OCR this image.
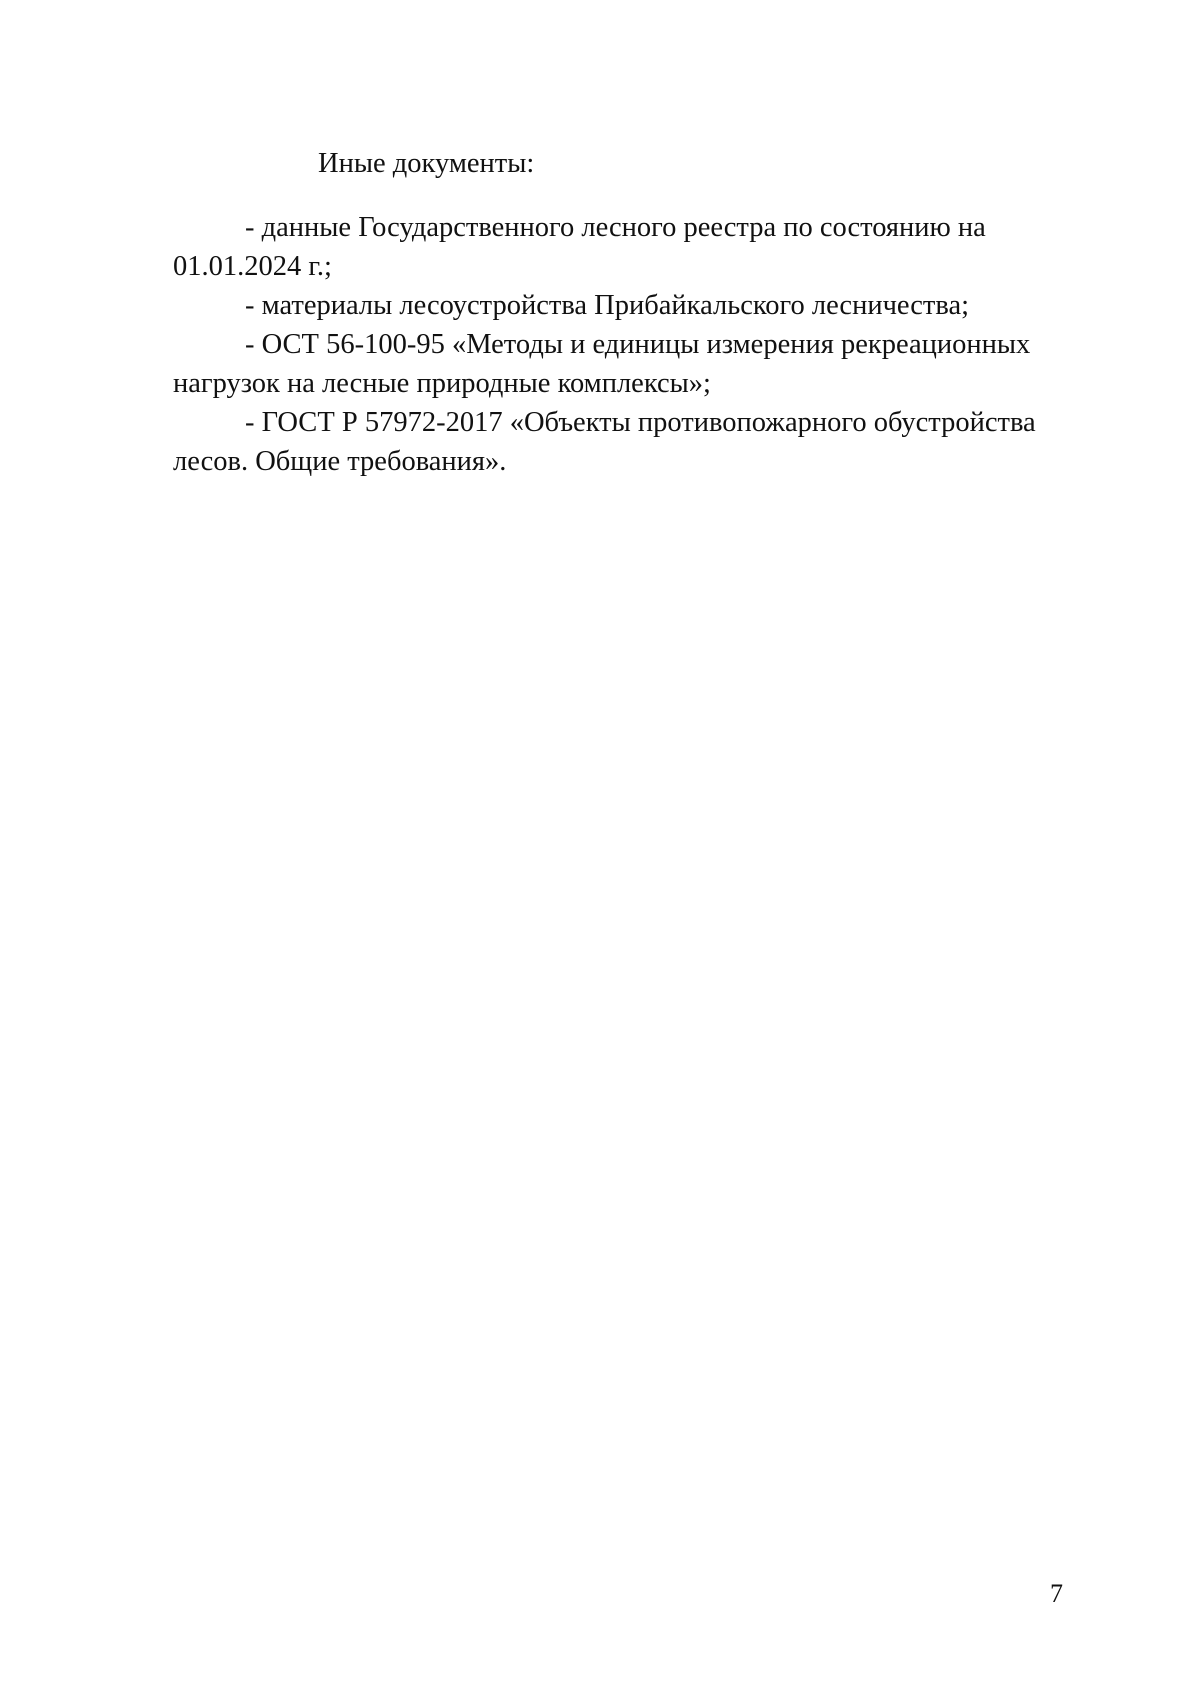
Иные документы:

- данные Государственного лесного реестра по состоянию на 01.01.2024 г.;
- материалы лесоустройства Прибайкальского лесничества;
- ОСТ 56-100-95 «Методы и единицы измерения рекреационных нагрузок на лесные природные комплексы»;
- ГОСТ Р 57972-2017 «Объекты противопожарного обустройства лесов. Общие требования».
7
